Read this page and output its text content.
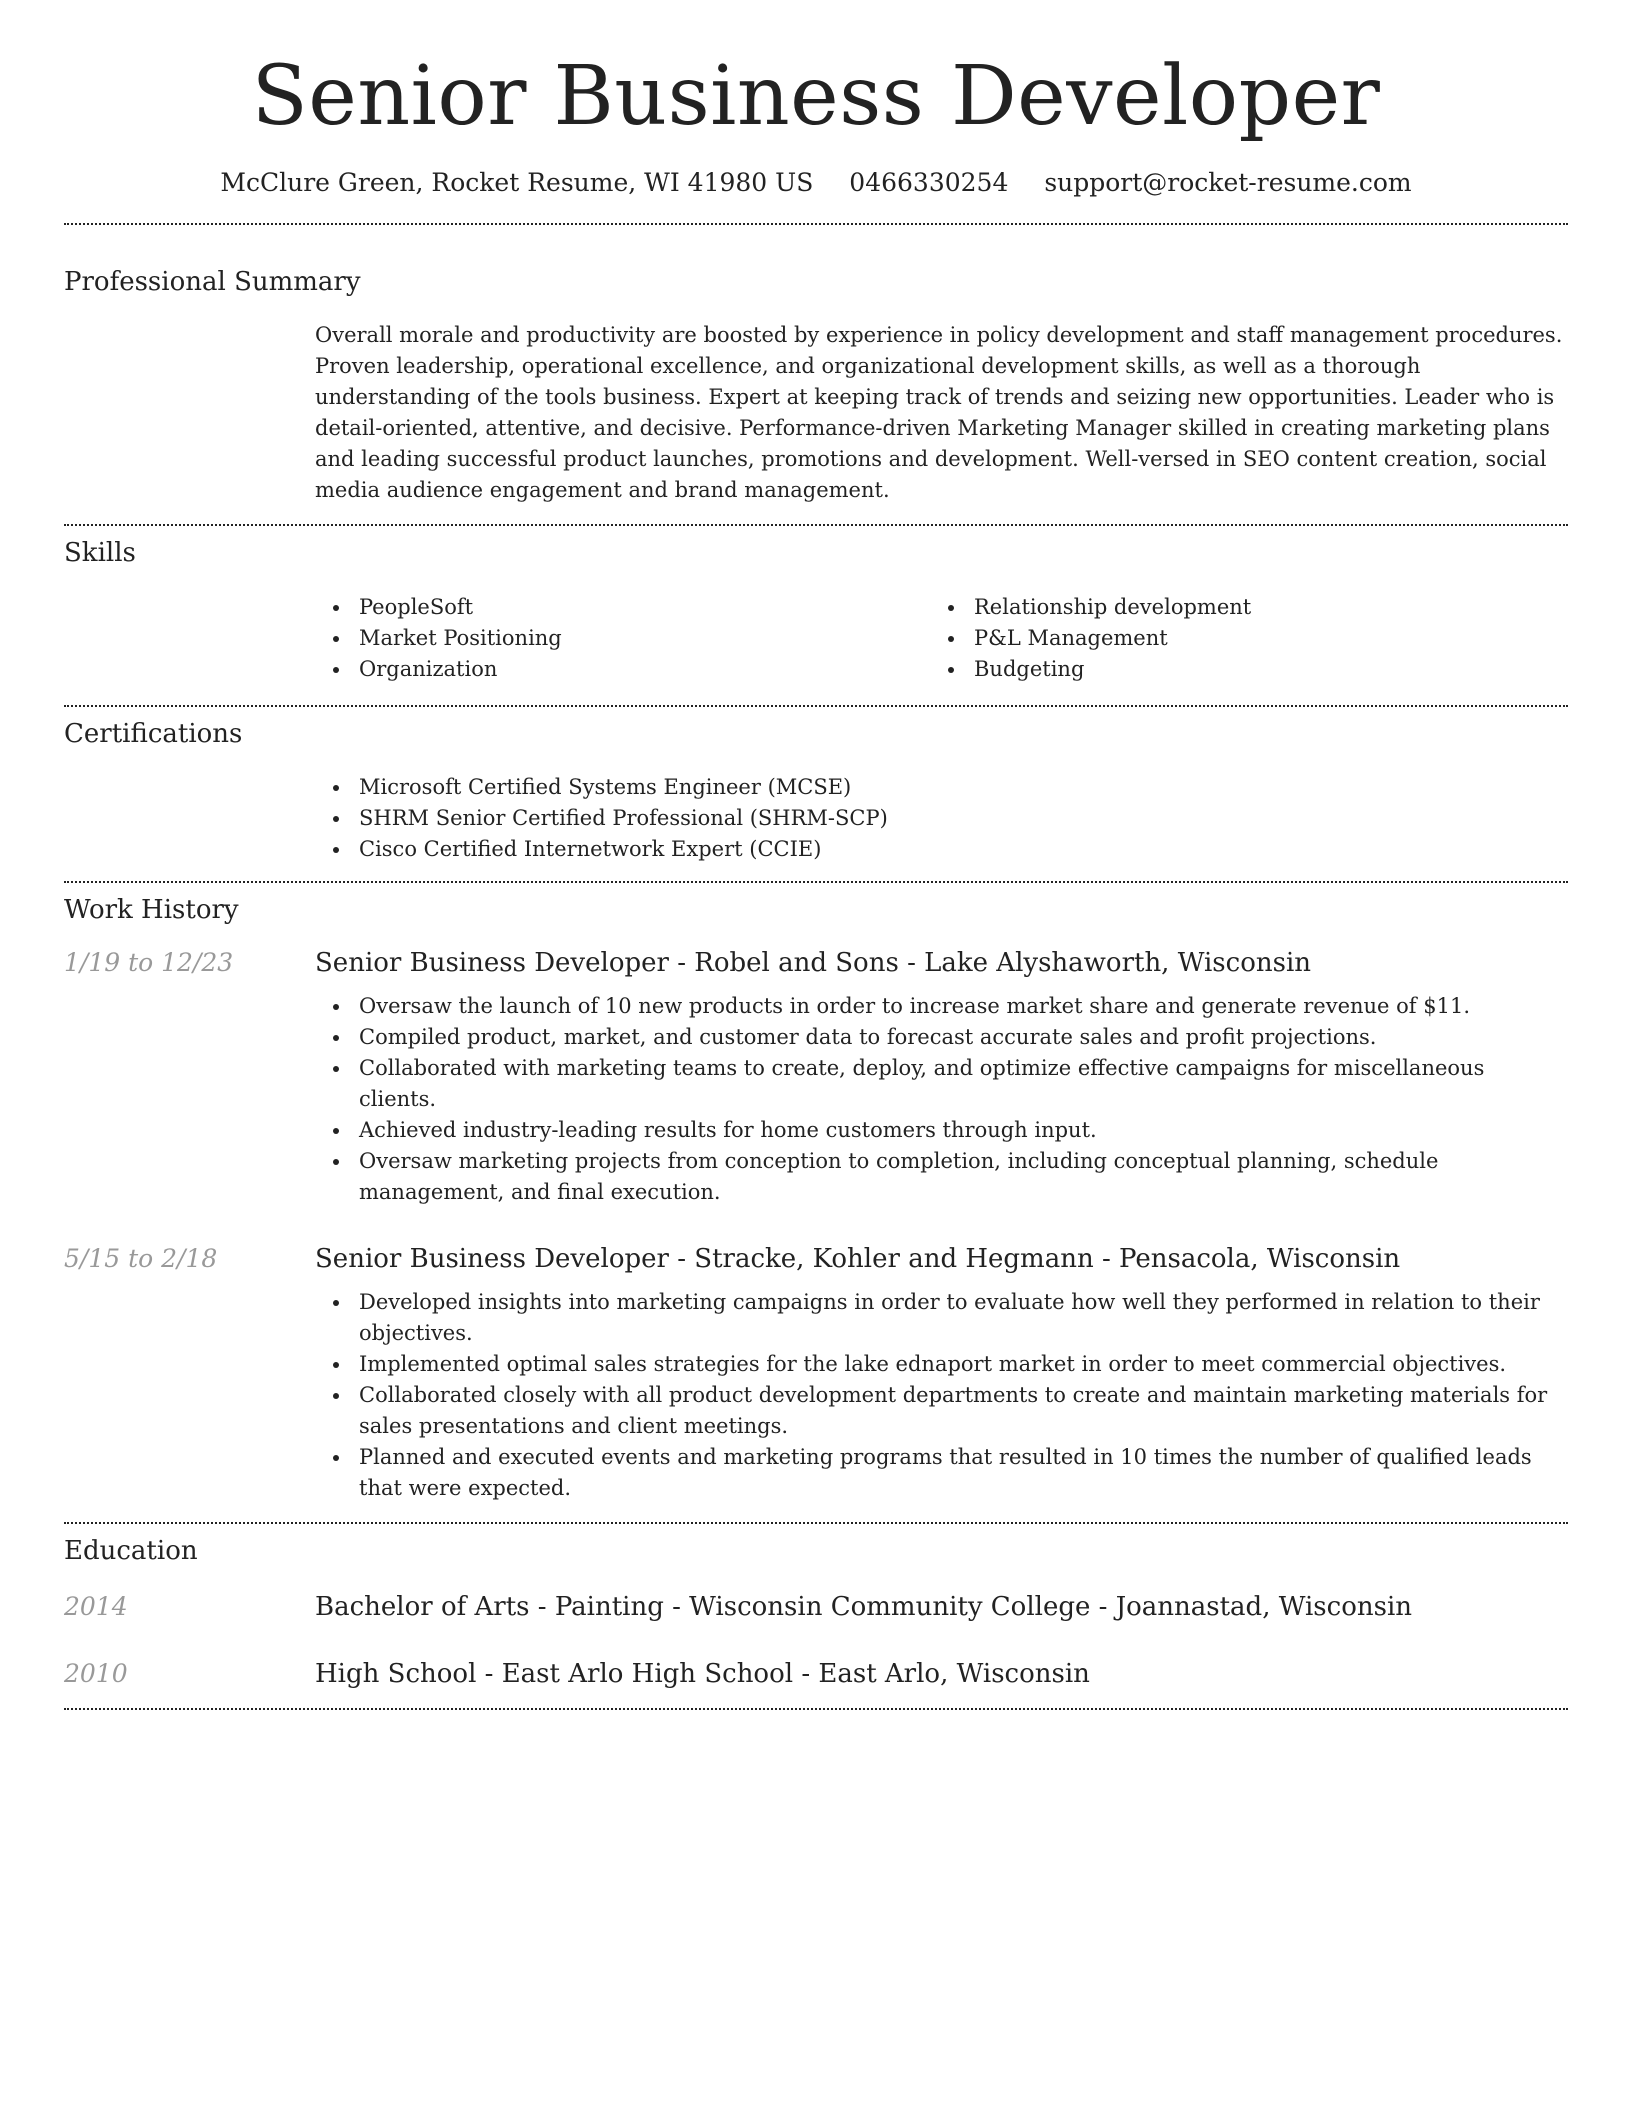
Senior Business Developer
McClure Green, Rocket Resume, WI 41980 US 0466330254 support@rocket-resume.com
Professional Summary

Overall morale and productivity are boosted by experience in policy development and staff management procedures. Proven leadership, operational excellence, and organizational development skills, as well as a thorough understanding of the tools business. Expert at keeping track of trends and seizing new opportunities. Leader who is detail-oriented, attentive, and decisive. Performance-driven Marketing Manager skilled in creating marketing plans and leading successful product launches, promotions and development. Well-versed in SEO content creation, social media audience engagement and brand management.

Skills
PeopleSoft
Market Positioning
Organization
Relationship development
P&L Management
Budgeting
Certifications
Microsoft Certified Systems Engineer (MCSE)
SHRM Senior Certified Professional (SHRM-SCP)
Cisco Certified Internetwork Expert (CCIE)
Work History
1/19 to 12/23	Senior Business Developer - Robel and Sons - Lake Alyshaworth, Wisconsin
Oversaw the launch of 10 new products in order to increase market share and generate revenue of $11.
Compiled product, market, and customer data to forecast accurate sales and profit projections.
Collaborated with marketing teams to create, deploy, and optimize effective campaigns for miscellaneous clients.
Achieved industry-leading results for home customers through input.
Oversaw marketing projects from conception to completion, including conceptual planning, schedule management, and final execution.
5/15 to 2/18	Senior Business Developer - Stracke, Kohler and Hegmann - Pensacola, Wisconsin
Developed insights into marketing campaigns in order to evaluate how well they performed in relation to their objectives.
Implemented optimal sales strategies for the lake ednaport market in order to meet commercial objectives.
Collaborated closely with all product development departments to create and maintain marketing materials for sales presentations and client meetings.
Planned and executed events and marketing programs that resulted in 10 times the number of qualified leads that were expected.
Education
2014	Bachelor of Arts - Painting - Wisconsin Community College - Joannastad, Wisconsin
2010	High School - East Arlo High School - East Arlo, Wisconsin
